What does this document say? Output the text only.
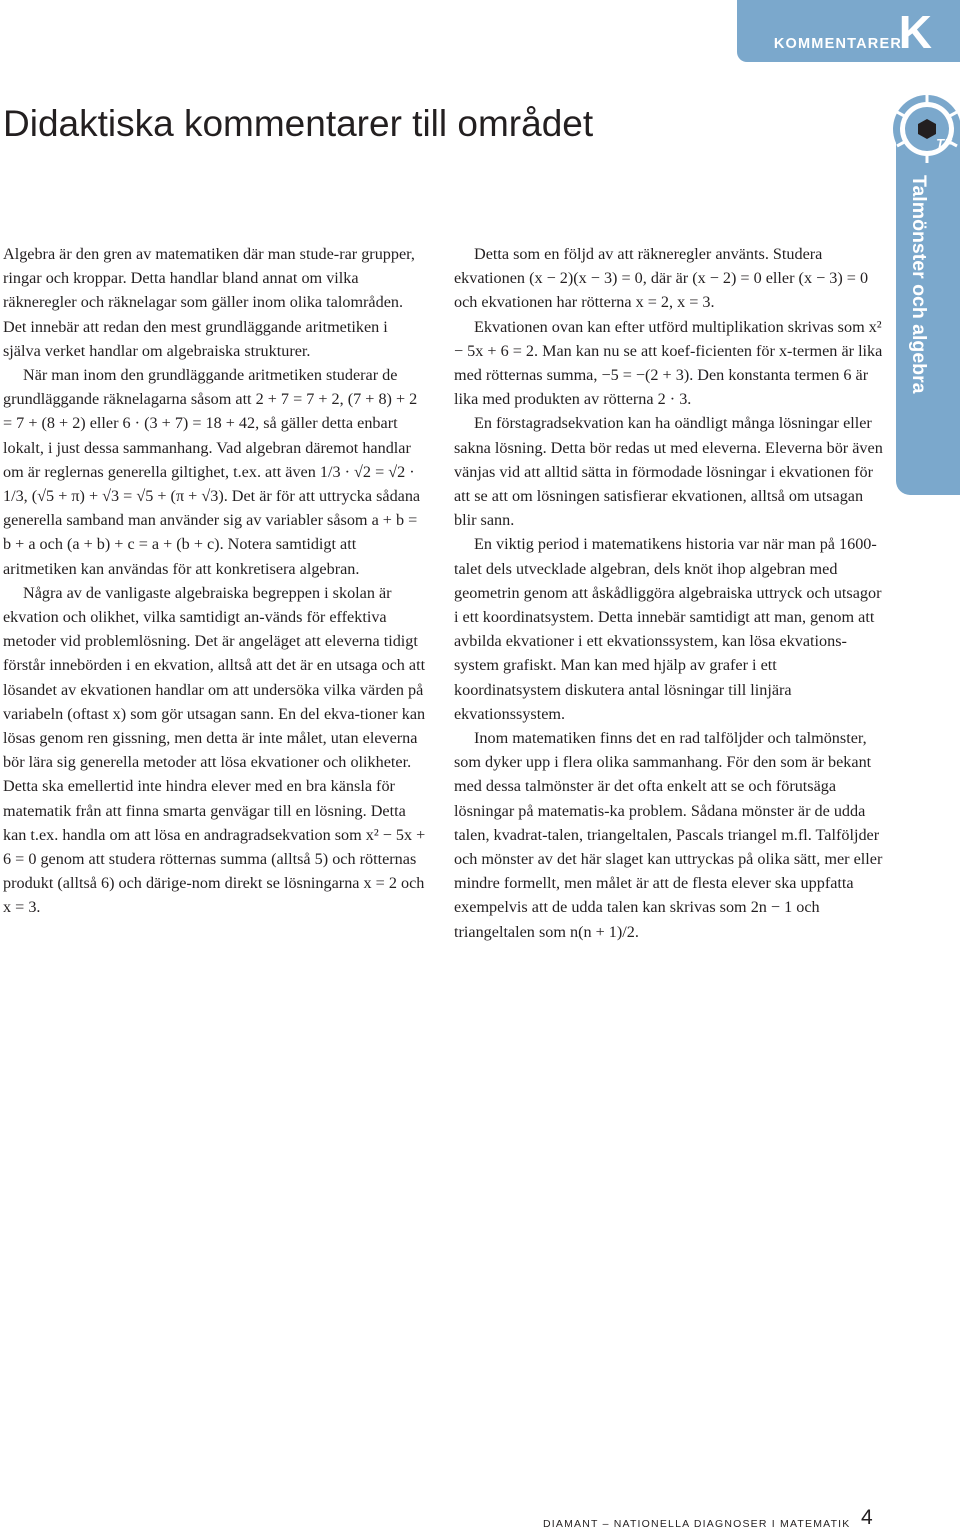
KOMMENTARER
K
TF
Talmönster och algebra
Didaktiska kommentarer till området

Algebra är den gren av matematiken där man stude-rar grupper, ringar och kroppar. Detta handlar bland annat om vilka räkneregler och räknelagar som gäller inom olika talområden. Det innebär att redan den mest grundläggande aritmetiken i själva verket handlar om algebraiska strukturer.

När man inom den grundläggande aritmetiken studerar de grundläggande räknelagarna såsom att 2 + 7 = 7 + 2, (7 + 8) + 2 = 7 + (8 + 2) eller 6 · (3 + 7) = 18 + 42, så gäller detta enbart lokalt, i just dessa sammanhang. Vad algebran däremot handlar om är reglernas generella giltighet, t.ex. att även 1/3 · √2 = √2 · 1/3, (√5 + π) + √3 = √5 + (π + √3). Det är för att uttrycka sådana generella samband man använder sig av variabler såsom a + b = b + a och (a + b) + c = a + (b + c). Notera samtidigt att aritmetiken kan användas för att konkretisera algebran.

Några av de vanligaste algebraiska begreppen i skolan är ekvation och olikhet, vilka samtidigt an-vänds för effektiva metoder vid problemlösning. Det är angeläget att eleverna tidigt förstår innebörden i en ekvation, alltså att det är en utsaga och att lösandet av ekvationen handlar om att undersöka vilka värden på variabeln (oftast x) som gör utsagan sann. En del ekva-tioner kan lösas genom ren gissning, men detta är inte målet, utan eleverna bör lära sig generella metoder att lösa ekvationer och olikheter. Detta ska emellertid inte hindra elever med en bra känsla för matematik från att finna smarta genvägar till en lösning. Detta kan t.ex. handla om att lösa en andragradsekvation som x² − 5x + 6 = 0 genom att studera rötternas summa (alltså 5) och rötternas produkt (alltså 6) och därige-nom direkt se lösningarna x = 2 och x = 3.

Detta som en följd av att räkneregler använts. Studera ekvationen (x − 2)(x − 3) = 0, där är (x − 2) = 0 eller (x − 3) = 0 och ekvationen har rötterna x = 2, x = 3.

Ekvationen ovan kan efter utförd multiplikation skrivas som x² − 5x + 6 = 2. Man kan nu se att koef-ficienten för x-termen är lika med rötternas summa, −5 = −(2 + 3). Den konstanta termen 6 är lika med produkten av rötterna 2 · 3.

En förstagradsekvation kan ha oändligt många lösningar eller sakna lösning. Detta bör redas ut med eleverna. Eleverna bör även vänjas vid att alltid sätta in förmodade lösningar i ekvationen för att se att om lösningen satisfierar ekvationen, alltså om utsagan blir sann.

En viktig period i matematikens historia var när man på 1600-talet dels utvecklade algebran, dels knöt ihop algebran med geometrin genom att åskådliggöra algebraiska uttryck och utsagor i ett koordinatsystem. Detta innebär samtidigt att man, genom att avbilda ekvationer i ett ekvationssystem, kan lösa ekvations-system grafiskt. Man kan med hjälp av grafer i ett koordinatsystem diskutera antal lösningar till linjära ekvationssystem.

Inom matematiken finns det en rad talföljder och talmönster, som dyker upp i flera olika sammanhang. För den som är bekant med dessa talmönster är det ofta enkelt att se och förutsäga lösningar på matematis-ka problem. Sådana mönster är de udda talen, kvadrat-talen, triangeltalen, Pascals triangel m.fl. Talföljder och mönster av det här slaget kan uttryckas på olika sätt, mer eller mindre formellt, men målet är att de flesta elever ska uppfatta exempelvis att de udda talen kan skrivas som 2n − 1 och triangeltalen som n(n + 1)/2.

DIAMANT – NATIONELLA DIAGNOSER I MATEMATIK 4
